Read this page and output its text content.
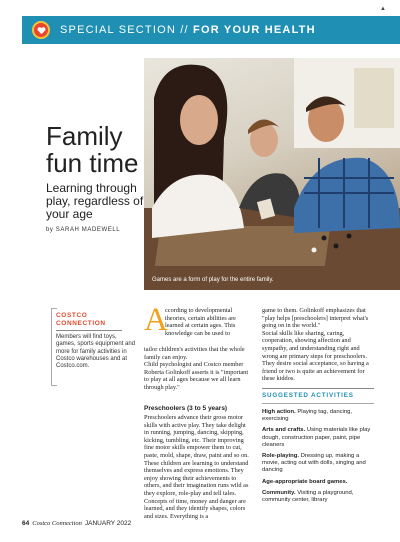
SPECIAL SECTION // FOR YOUR HEALTH
▲
Games are a form of play for the entire family.
Family fun time
Learning through play, regardless of your age
by SARAH MADEWELL
COSTCO
CONNECTION
Members will find toys, games, sports equipment and more for family activities in Costco warehouses and at Costco.com.
A
ccording to developmental theories, certain abilities are learned at certain ages. This knowledge can be used to
tailor children's activities that the whole family can enjoy.
Child psychologist and Costco member Roberta Golinkoff asserts it is "important to play at all ages because we all learn through play."
Preschoolers (3 to 5 years)
Preschoolers advance their gross motor skills with active play. They take delight in running, jumping, dancing, skipping, kicking, tumbling, etc. Their improving fine motor skills empower them to cut, paste, mold, shape, draw, paint and so on.
These children are learning to understand themselves and express emotions. They enjoy showing their achievements to others, and their imagination runs wild as they explore, role-play and tell tales. Concepts of time, money and danger are learned, and they identify shapes, colors and sizes. Everything is a
game to them. Golinkoff emphasizes that "play helps [preschoolers] interpret what's going on in the world."
Social skills like sharing, caring, cooperation, showing affection and sympathy, and understanding right and wrong are primary steps for preschoolers. They desire social acceptance, so having a friend or two is quite an achievement for these kiddos.
SUGGESTED ACTIVITIES
High action. Playing tag, dancing, exercising
Arts and crafts. Using materials like play dough, construction paper, paint, pipe cleaners
Role-playing. Dressing up, making a movie, acting out with dolls, singing and dancing
Age-appropriate board games.
Community. Visiting a playground, community center, library
64 Costco Connection JANUARY 2022
